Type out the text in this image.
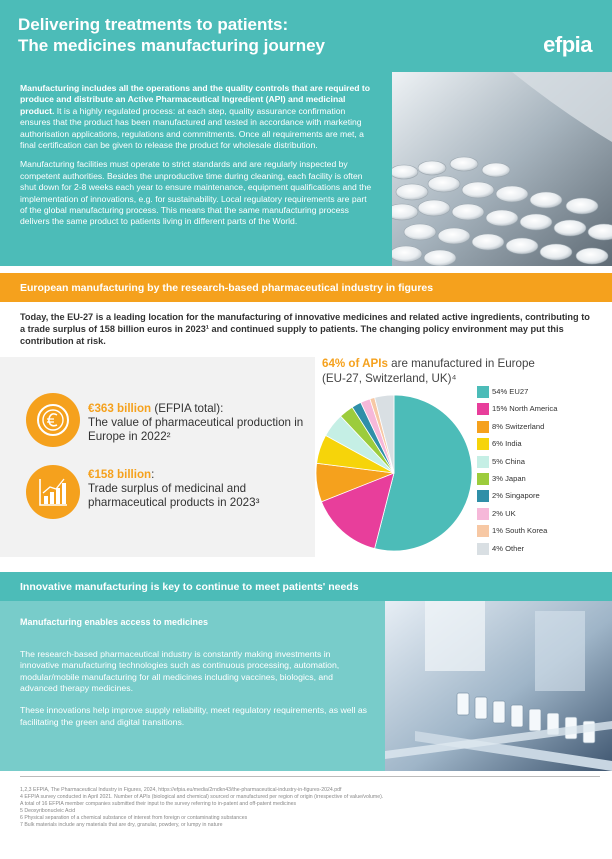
Delivering treatments to patients:
The medicines manufacturing journey	efpia

Manufacturing includes all the operations and the quality controls that are required to produce and distribute an Active Pharmaceutical Ingredient (API) and medicinal product. It is a highly regulated process: at each step, quality assurance confirmation ensures that the product has been manufactured and tested in accordance with marketing authorisation applications, regulations and commitments. Once all requirements are met, a final certification can be given to release the product for wholesale distribution.

Manufacturing facilities must operate to strict standards and are regularly inspected by competent authorities. Besides the unproductive time during cleaning, each facility is often shut down for 2-8 weeks each year to ensure maintenance, equipment qualifications and the implementation of innovations, e.g. for sustainability. Local regulatory requirements are part of the global manufacturing process. This means that the same manufacturing process delivers the same product to patients living in different parts of the World.

European manufacturing by the research-based pharmaceutical industry in figures
Today, the EU-27 is a leading location for the manufacturing of innovative medicines and related active ingredients, contributing to a trade surplus of 158 billion euros in 2023¹ and continued supply to patients. The changing policy environment may put this contribution at risk.
€363 billion (EFPIA total):
The value of pharmaceutical production in Europe in 2022²
€158 billion:
Trade surplus of medicinal and pharmaceutical products in 2023³
64% of APIs are manufactured in Europe
(EU-27, Switzerland, UK)⁴
54% EU27
15% North America
8% Switzerland
6% India
5% China
3% Japan
2% Singapore
2% UK
1% South Korea
4% Other
Innovative manufacturing is key to continue to meet patients' needs
Manufacturing enables access to medicines

The research-based pharmaceutical industry is constantly making investments in innovative manufacturing technologies such as continuous processing, automation, modular/mobile manufacturing for all medicines including vaccines, biologics, and advanced therapy medicines.

These innovations help improve supply reliability, meet regulatory requirements, as well as facilitating the green and digital transitions.

1,2,3 EFPIA, The Pharmaceutical Industry in Figures, 2024, https://efpia.eu/media/2rndkn43/the-pharmaceutical-industry-in-figures-2024.pdf
4 EFPIA survey conducted in April 2021. Number of APIs (biological and chemical) sourced or manufactured per region of origin (irrespective of value/volume).
A total of 16 EFPIA member companies submitted their input to the survey referring to in-patent and off-patent medicines
5 Deoxyribonucleic Acid
6 Physical separation of a chemical substance of interest from foreign or contaminating substances
7 Bulk materials include any materials that are dry, granular, powdery, or lumpy in nature
